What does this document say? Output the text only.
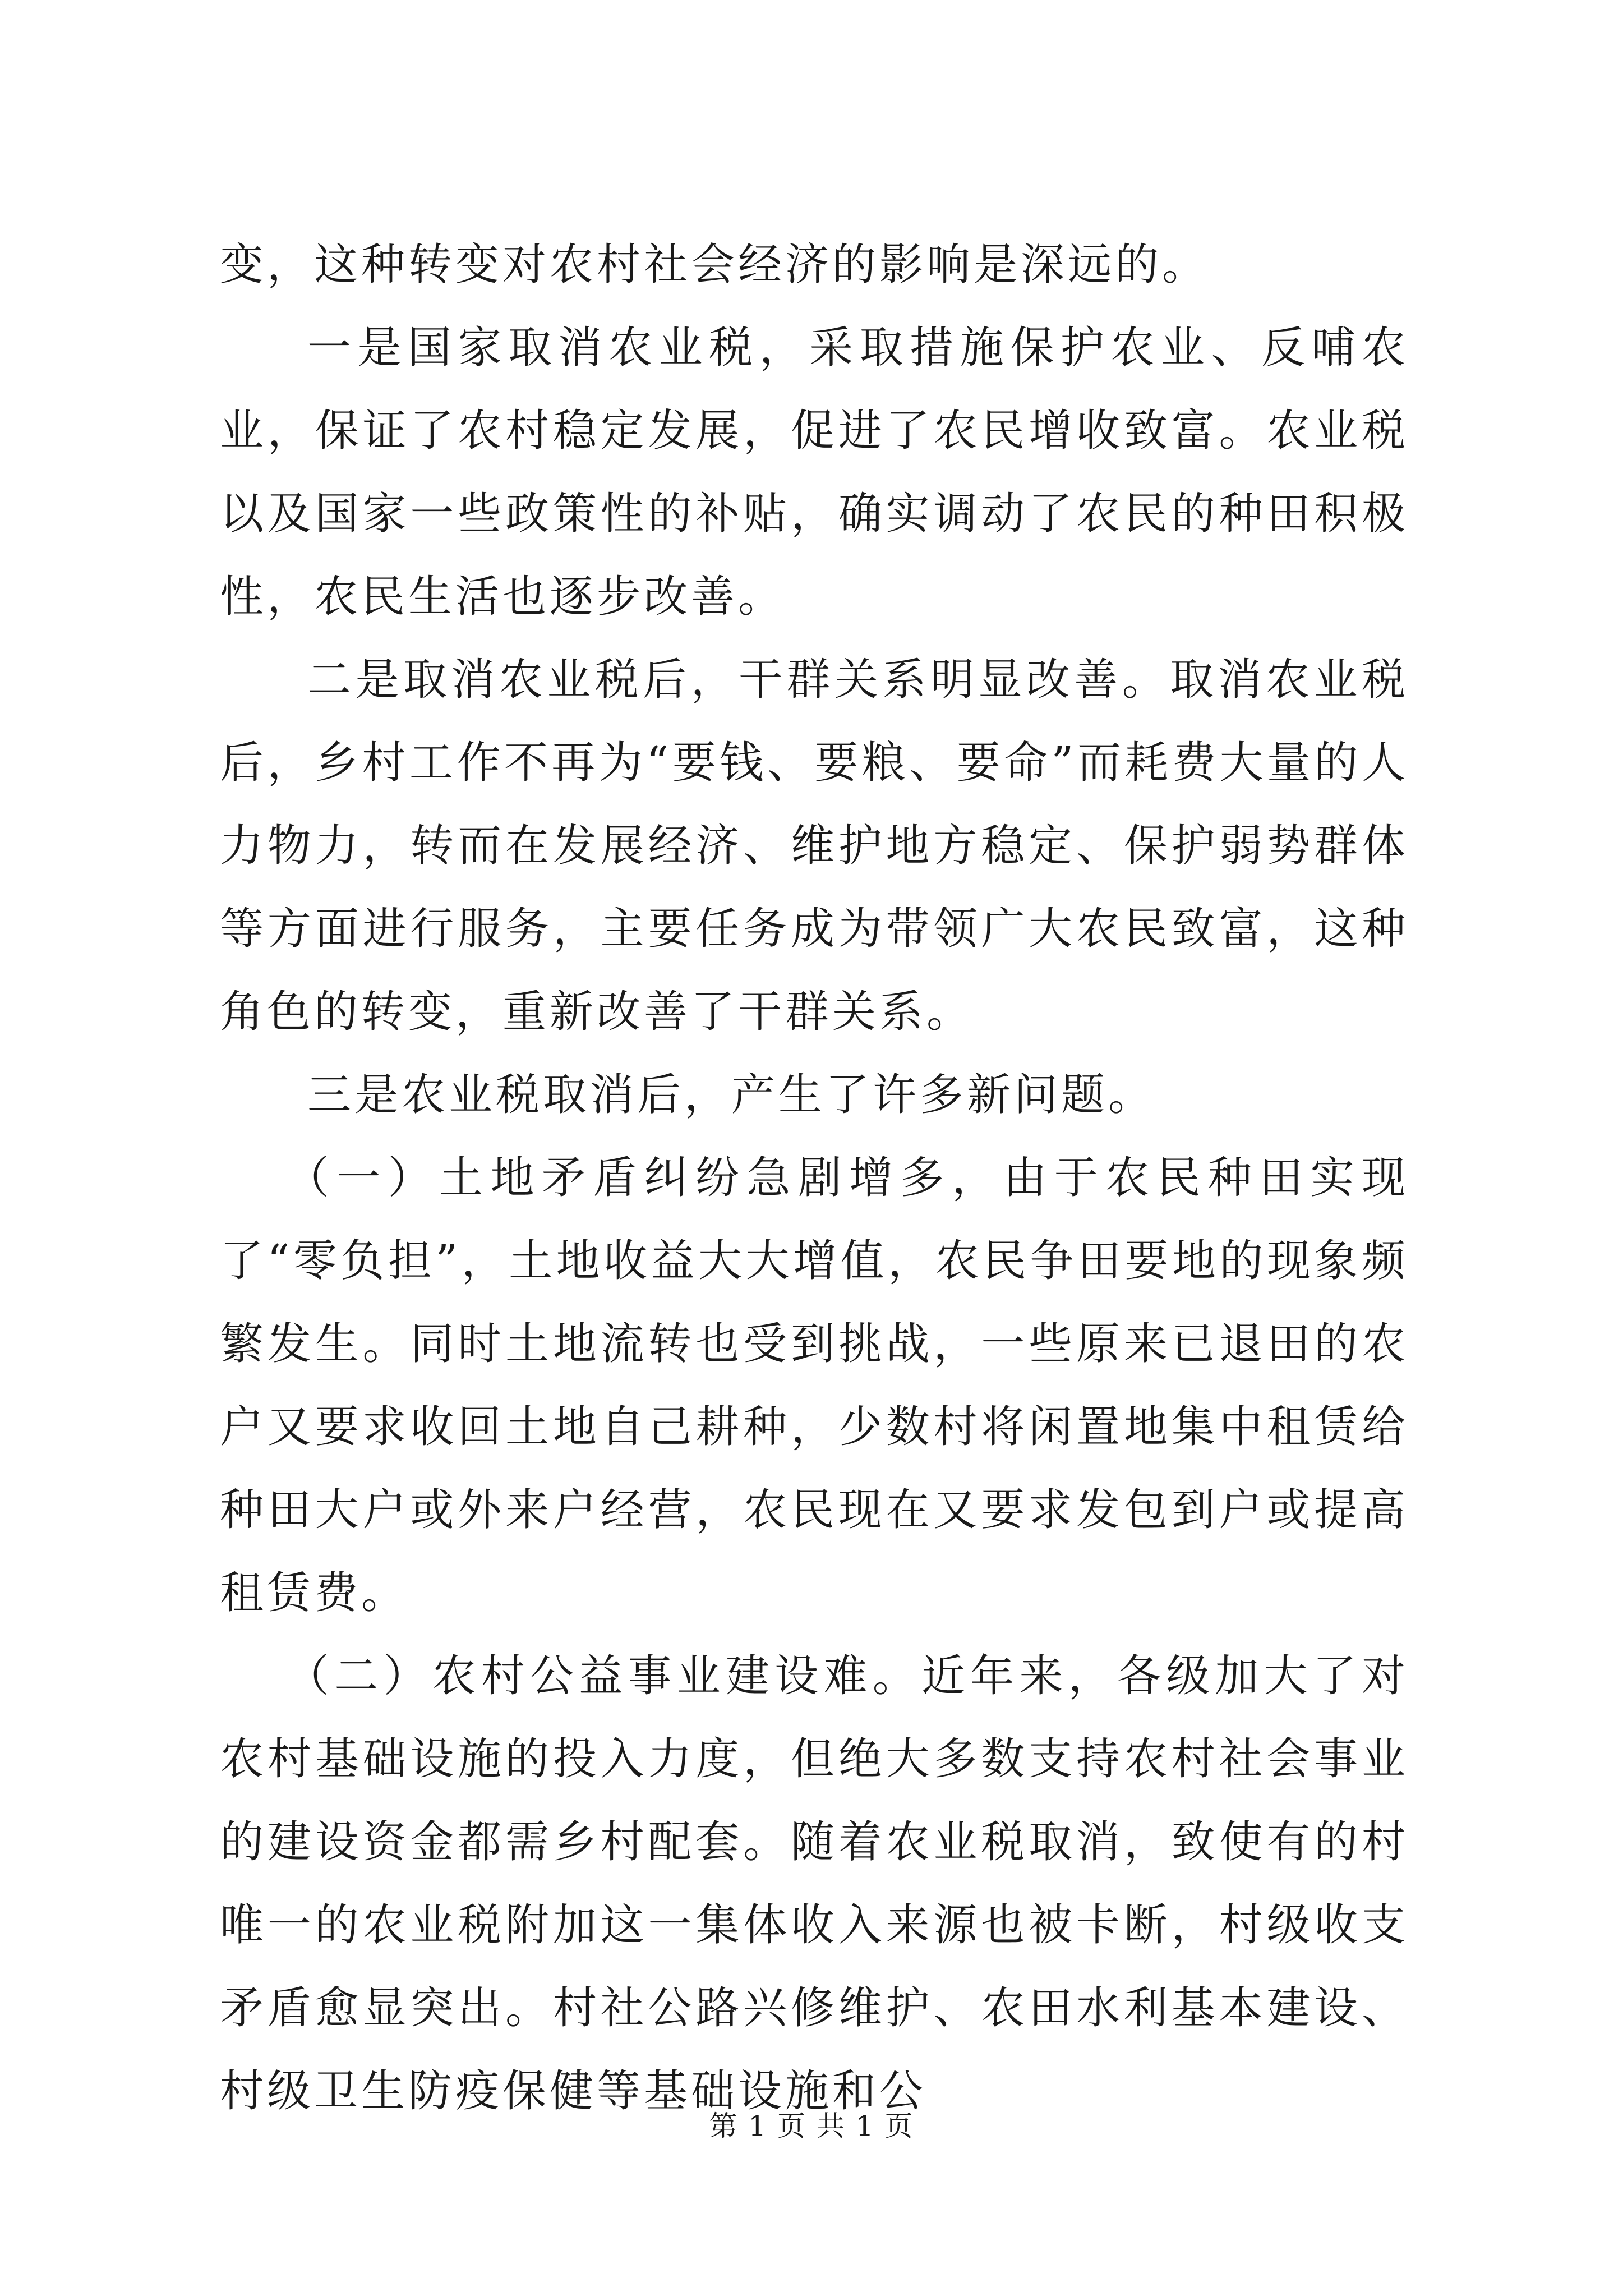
变，这种转变对农村社会经济的影响是深远的。

一是国家取消农业税，采取措施保护农业、反哺农业，保证了农村稳定发展，促进了农民增收致富。农业税以及国家一些政策性的补贴，确实调动了农民的种田积极性，农民生活也逐步改善。

二是取消农业税后，干群关系明显改善。取消农业税后，乡村工作不再为“要钱、要粮、要命”而耗费大量的人力物力，转而在发展经济、维护地方稳定、保护弱势群体等方面进行服务，主要任务成为带领广大农民致富，这种角色的转变，重新改善了干群关系。

三是农业税取消后，产生了许多新问题。

（一）土地矛盾纠纷急剧增多，由于农民种田实现了“零负担”，土地收益大大增值，农民争田要地的现象频繁发生。同时土地流转也受到挑战，一些原来已退田的农户又要求收回土地自己耕种，少数村将闲置地集中租赁给种田大户或外来户经营，农民现在又要求发包到户或提高租赁费。

（二）农村公益事业建设难。近年来，各级加大了对农村基础设施的投入力度，但绝大多数支持农村社会事业的建设资金都需乡村配套。随着农业税取消，致使有的村唯一的农业税附加这一集体收入来源也被卡断，村级收支矛盾愈显突出。村社公路兴修维护、农田水利基本建设、村级卫生防疫保健等基础设施和公

第 1 页 共 1 页
